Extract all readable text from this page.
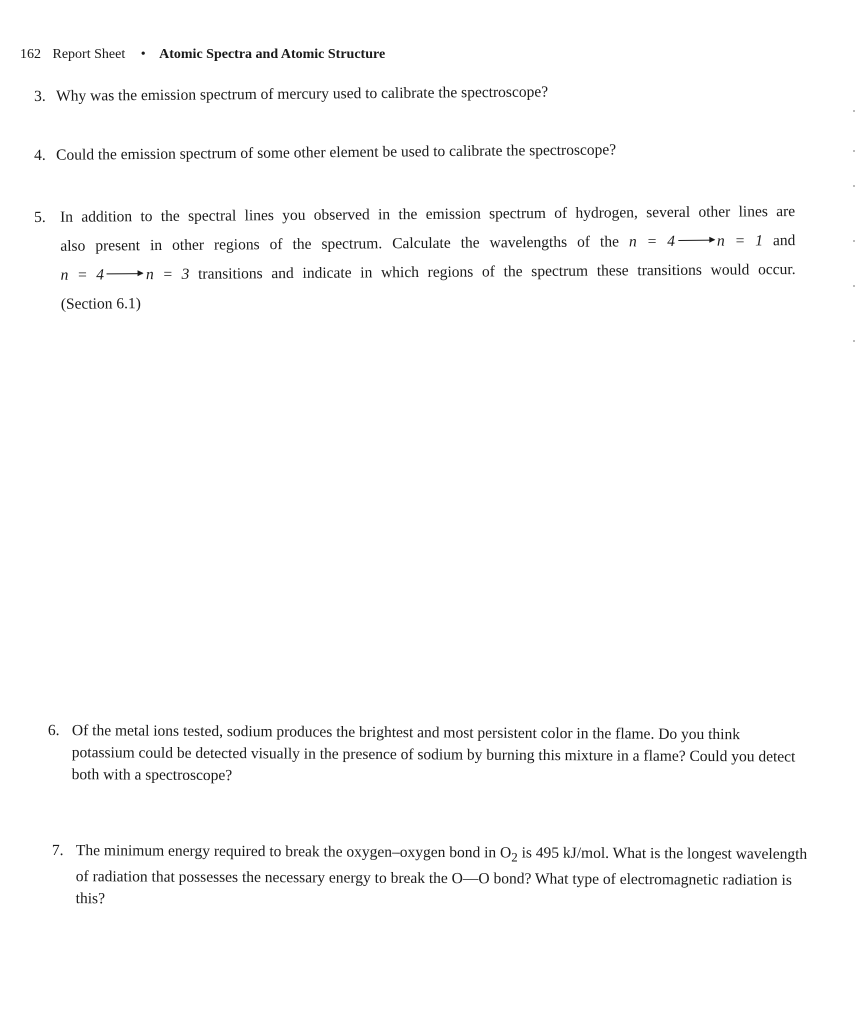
162 Report Sheet • Atomic Spectra and Atomic Structure
3. Why was the emission spectrum of mercury used to calibrate the spectroscope?
4. Could the emission spectrum of some other element be used to calibrate the spectroscope?
5. In addition to the spectral lines you observed in the emission spectrum of hydrogen, several other lines are
also present in other regions of the spectrum. Calculate the wavelengths of the n = 4	n = 1 and
n = 4	n = 3 transitions and indicate in which regions of the spectrum these transitions would occur.
(Section 6.1)
6. Of the metal ions tested, sodium produces the brightest and most persistent color in the flame. Do you think potassium could be detected visually in the presence of sodium by burning this mixture in a flame? Could you detect both with a spectroscope?
7. The minimum energy required to break the oxygen–oxygen bond in $O_2$ is 495 kJ/mol. What is the longest wavelength of radiation that possesses the necessary energy to break the O—O bond? What type of electromagnetic radiation is this?
